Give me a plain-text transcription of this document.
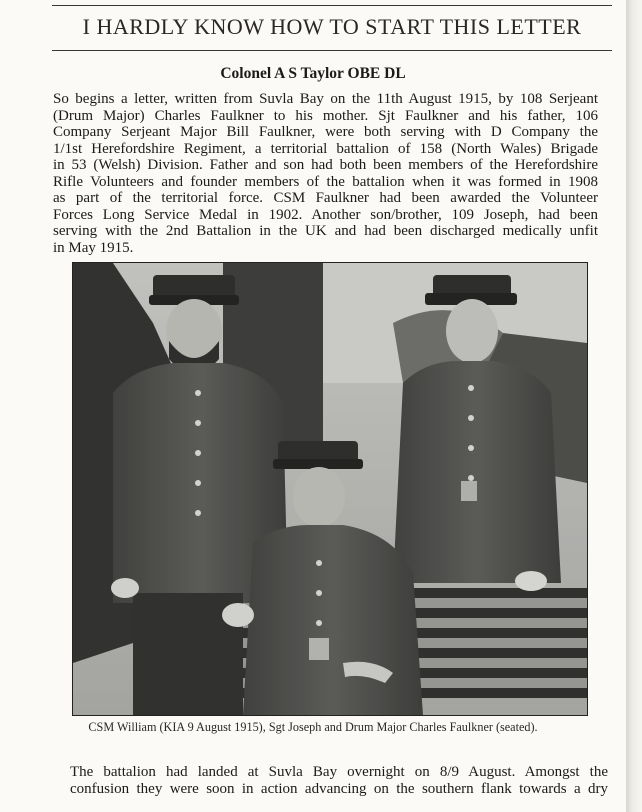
I HARDLY KNOW HOW TO START THIS LETTER
Colonel A S Taylor OBE DL
So begins a letter, written from Suvla Bay on the 11th August 1915, by 108 Serjeant
(Drum Major) Charles Faulkner to his mother. Sjt Faulkner and his father, 106
Company Serjeant Major Bill Faulkner, were both serving with D Company the
1/1st Herefordshire Regiment, a territorial battalion of 158 (North Wales) Brigade
in 53 (Welsh) Division. Father and son had both been members of the Herefordshire
Rifle Volunteers and founder members of the battalion when it was formed in 1908
as part of the territorial force. CSM Faulkner had been awarded the Volunteer
Forces Long Service Medal in 1902. Another son/brother, 109 Joseph, had been
serving with the 2nd Battalion in the UK and had been discharged medically unfit
in May 1915.
CSM William (KIA 9 August 1915), Sgt Joseph and Drum Major Charles Faulkner (seated).
The battalion had landed at Suvla Bay overnight on 8/9 August. Amongst the
confusion they were soon in action advancing on the southern flank towards a dry
